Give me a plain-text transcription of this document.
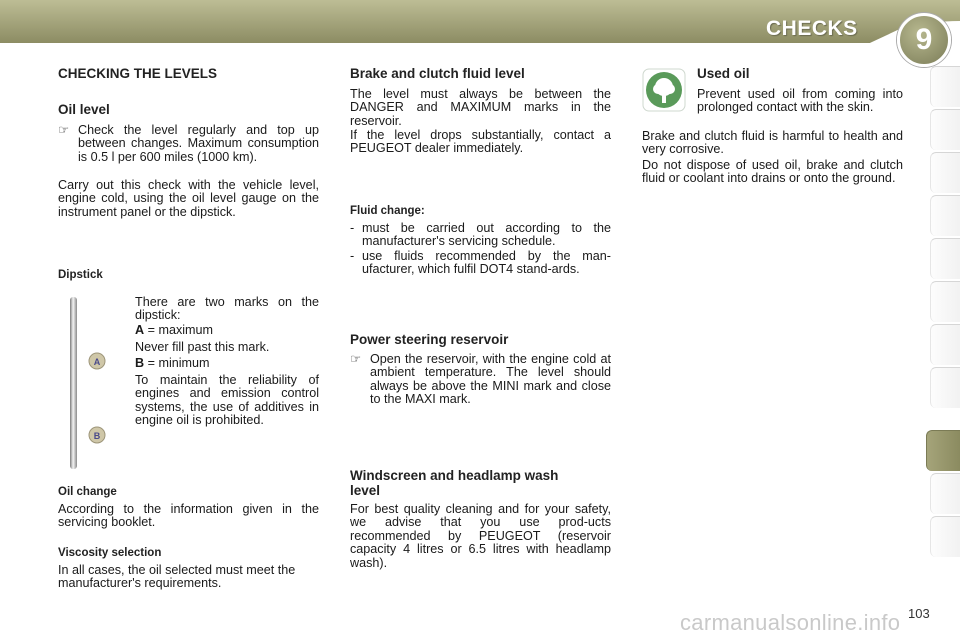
CHECKS	9
CHECKING THE LEVELS
Oil level
☞ Check the level regularly and top up between changes. Maximum consumption is 0.5 l per 600 miles (1000 km).

Carry out this check with the vehicle level, engine cold, using the oil level gauge on the instrument panel or the dipstick.

Dipstick
A
B

There are two marks on the dipstick:

A = maximum

Never fill past this mark.

B = minimum

To maintain the reliability of engines and emission control systems, the use of additives in engine oil is prohibited.

Oil change

According to the information given in the servicing booklet.

Viscosity selection

In all cases, the oil selected must meet the manufacturer's requirements.

Brake and clutch fluid level

The level must always be between the DANGER and MAXIMUM marks in the reservoir.

If the level drops substantially, contact a PEUGEOT dealer immediately.

Fluid change:
- must be carried out according to the manufacturer's servicing schedule.
- use fluids recommended by the man-ufacturer, which fulfil DOT4 stand-ards.
Power steering reservoir
☞ Open the reservoir, with the engine cold at ambient temperature. The level should always be above the MINI mark and close to the MAXI mark.
Windscreen and headlamp wash level

For best quality cleaning and for your safety, we advise that you use prod-ucts recommended by PEUGEOT (reservoir capacity 4 litres or 6.5 litres with headlamp wash).

Used oil

Prevent used oil from coming into prolonged contact with the skin.

Brake and clutch fluid is harmful to health and very corrosive.

Do not dispose of used oil, brake and clutch fluid or coolant into drains or onto the ground.

carmanualsonline.info 103
